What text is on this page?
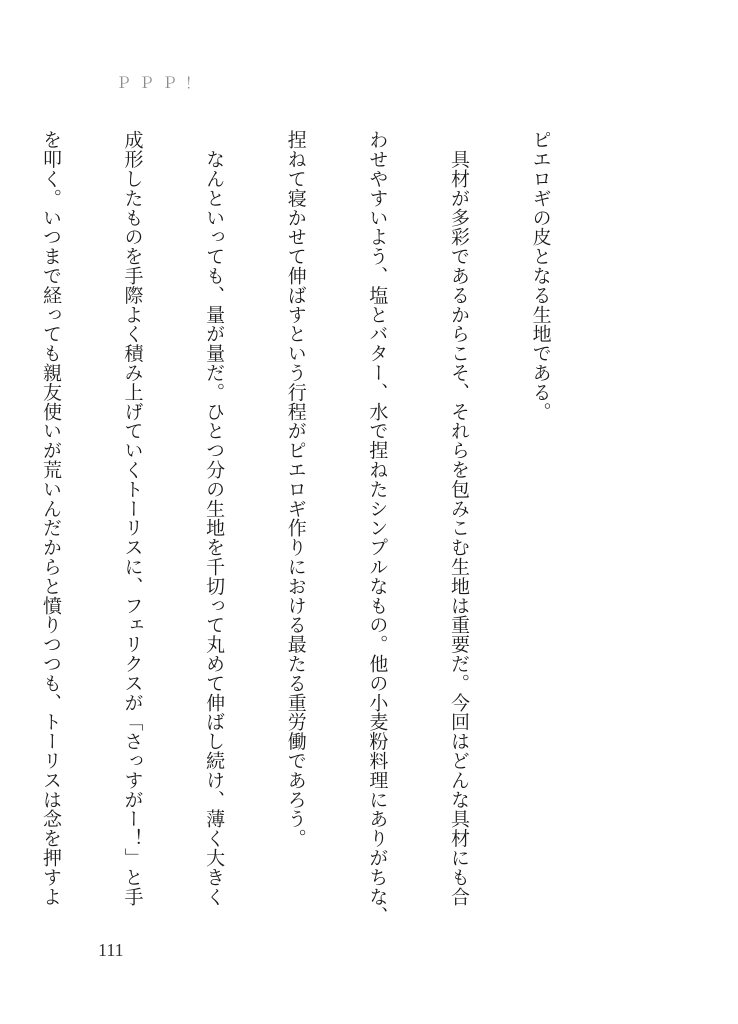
ＰＰＰ！

ピエロギの皮となる生地である。

　具材が多彩であるからこそ、それらを包みこむ生地は重要だ。今回はどんな具材にも合

わせやすいよう、塩とバター、水で捏ねたシンプルなもの。他の小麦粉料理にありがちな、

捏ねて寝かせて伸ばすという行程がピエロギ作りにおける最たる重労働であろう。

　なんといっても、量が量だ。ひとつ分の生地を千切って丸めて伸ばし続け、薄く大きく

成形したものを手際よく積み上げていくトーリスに、フェリクスが「さっすがー！」と手

を叩く。いつまで経っても親友使いが荒いんだからと憤りつつも、トーリスは念を押すよ

111
